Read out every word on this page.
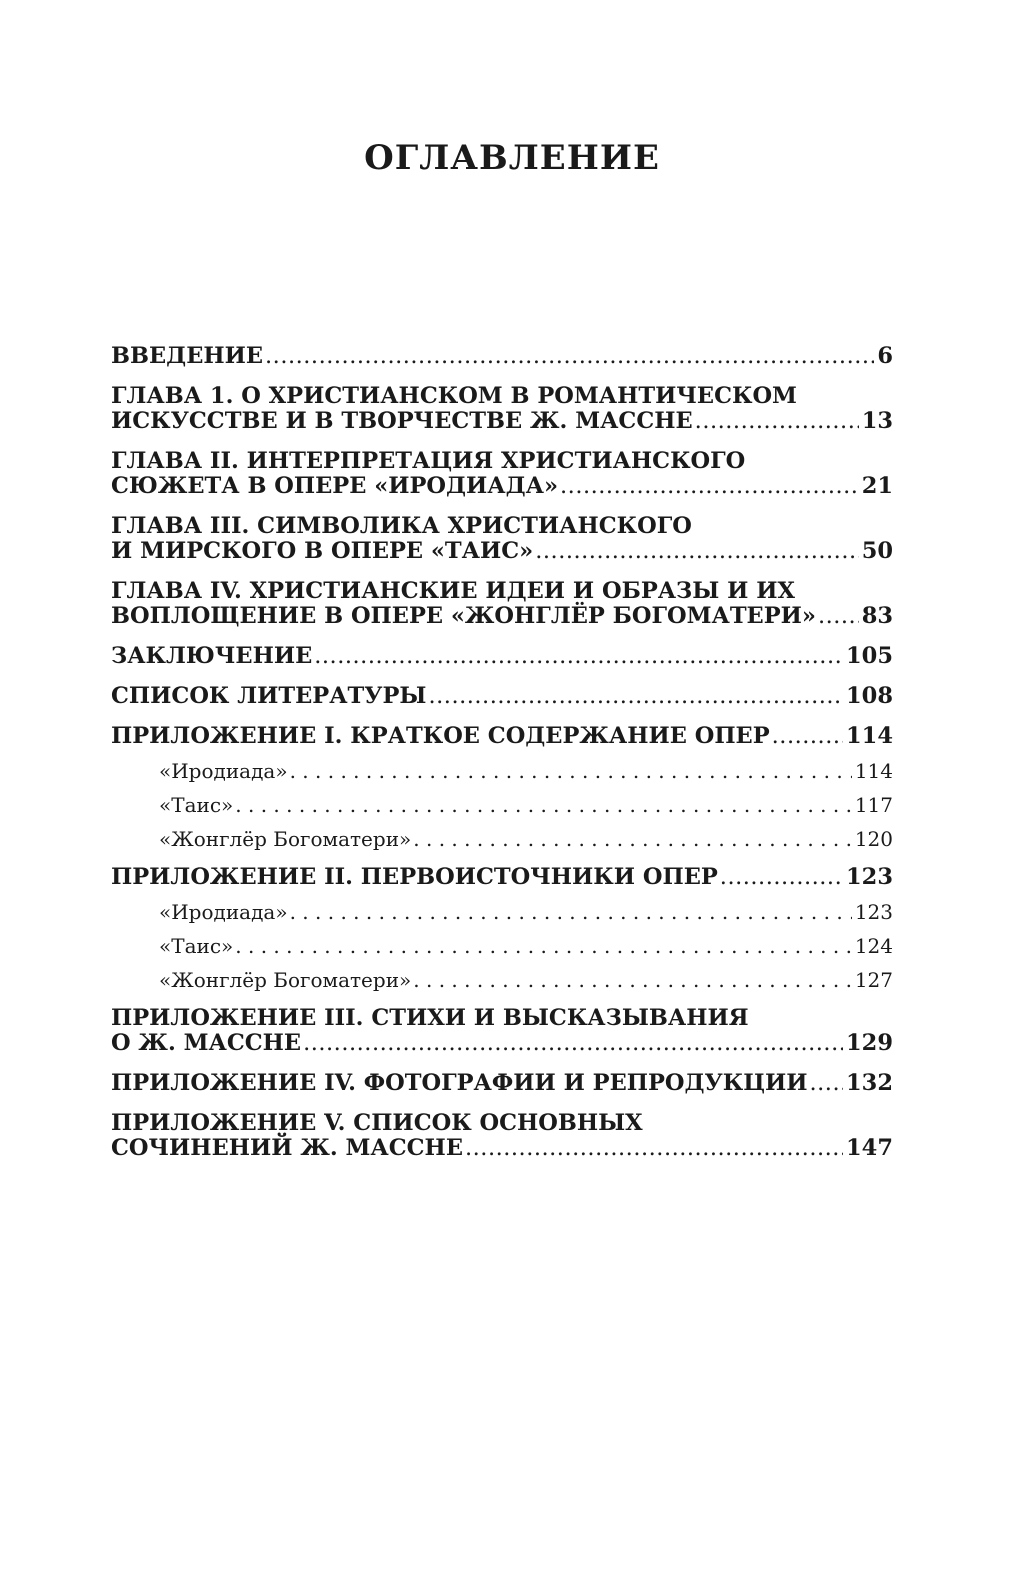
ОГЛАВЛЕНИЕ
ВВЕДЕНИЕ .....	6
ГЛАВА 1. О ХРИСТИАНСКОМ В РОМАНТИЧЕСКОМ
ИСКУССТВЕ И В ТВОРЧЕСТВЕ Ж. МАССНЕ .....	13
ГЛАВА II. ИНТЕРПРЕТАЦИЯ ХРИСТИАНСКОГО
СЮЖЕТА В ОПЕРЕ «ИРОДИАДА» .....	21
ГЛАВА III. СИМВОЛИКА ХРИСТИАНСКОГО
И МИРСКОГО В ОПЕРЕ «ТАИС» .....	50
ГЛАВА IV. ХРИСТИАНСКИЕ ИДЕИ И ОБРАЗЫ И ИХ
ВОПЛОЩЕНИЕ В ОПЕРЕ «ЖОНГЛЁР БОГОМАТЕРИ» ..... 83
ЗАКЛЮЧЕНИЕ .....	105
СПИСОК ЛИТЕРАТУРЫ .....	108
ПРИЛОЖЕНИЕ I. КРАТКОЕ СОДЕРЖАНИЕ ОПЕР .....	114
«Иродиада» . . .	114
«Таис» . . .	117
«Жонглёр Богоматери» . . .	120
ПРИЛОЖЕНИЕ II. ПЕРВОИСТОЧНИКИ ОПЕР .....	123
«Иродиада» . . .	123
«Таис» . . .	124
«Жонглёр Богоматери» . . .	127
ПРИЛОЖЕНИЕ III. СТИХИ И ВЫСКАЗЫВАНИЯ
О Ж. МАССНЕ .....	129
ПРИЛОЖЕНИЕ IV. ФОТОГРАФИИ И РЕПРОДУКЦИИ ..... 132
ПРИЛОЖЕНИЕ V. СПИСОК ОСНОВНЫХ
СОЧИНЕНИЙ Ж. МАССНЕ .....	147
